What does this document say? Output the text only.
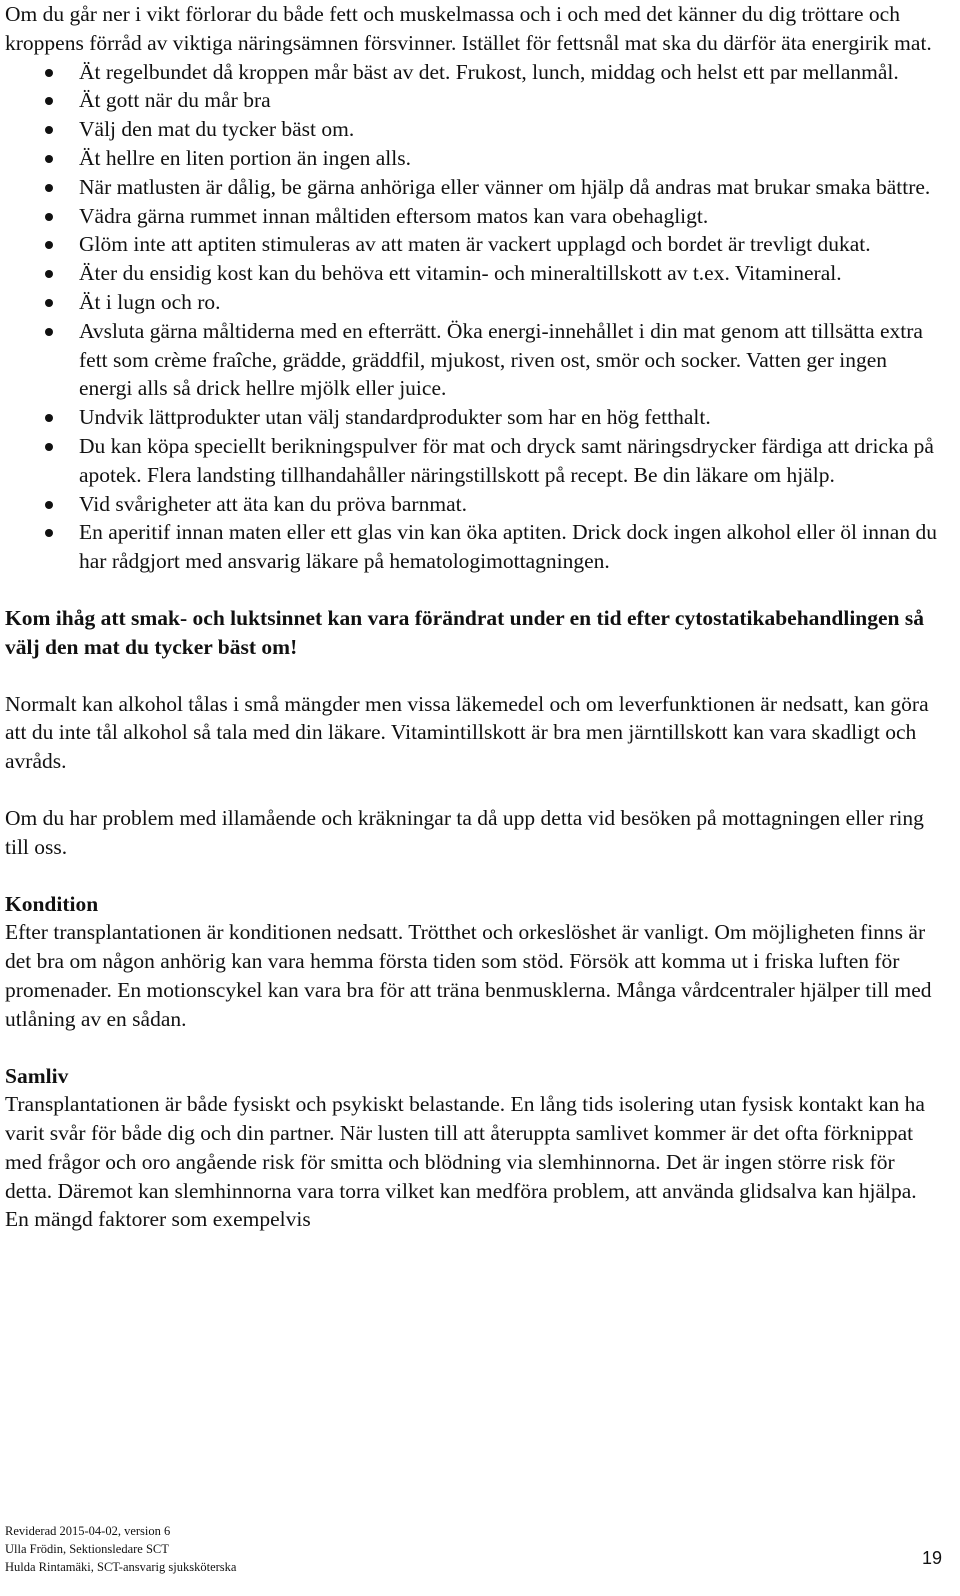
Om du går ner i vikt förlorar du både fett och muskelmassa och i och med det känner du dig tröttare och kroppens förråd av viktiga näringsämnen försvinner. Istället för fettsnål mat ska du därför äta energirik mat.

Ät regelbundet då kroppen mår bäst av det. Frukost, lunch, middag och helst ett par mellanmål.
Ät gott när du mår bra
Välj den mat du tycker bäst om.
Ät hellre en liten portion än ingen alls.
När matlusten är dålig, be gärna anhöriga eller vänner om hjälp då andras mat brukar smaka bättre.
Vädra gärna rummet innan måltiden eftersom matos kan vara obehagligt.
Glöm inte att aptiten stimuleras av att maten är vackert upplagd och bordet är trevligt dukat.
Äter du ensidig kost kan du behöva ett vitamin- och mineraltillskott av t.ex. Vitamineral.
Ät i lugn och ro.
Avsluta gärna måltiderna med en efterrätt. Öka energi-innehållet i din mat genom att tillsätta extra fett som crème fraîche, grädde, gräddfil, mjukost, riven ost, smör och socker. Vatten ger ingen energi alls så drick hellre mjölk eller juice.
Undvik lättprodukter utan välj standardprodukter som har en hög fetthalt.
Du kan köpa speciellt berikningspulver för mat och dryck samt näringsdrycker färdiga att dricka på apotek. Flera landsting tillhandahåller näringstillskott på recept. Be din läkare om hjälp.
Vid svårigheter att äta kan du pröva barnmat.
En aperitif innan maten eller ett glas vin kan öka aptiten. Drick dock ingen alkohol eller öl innan du har rådgjort med ansvarig läkare på hematologimottagningen.

Kom ihåg att smak- och luktsinnet kan vara förändrat under en tid efter cytostatikabehandlingen så välj den mat du tycker bäst om!

Normalt kan alkohol tålas i små mängder men vissa läkemedel och om leverfunktionen är nedsatt, kan göra att du inte tål alkohol så tala med din läkare. Vitamintillskott är bra men järntillskott kan vara skadligt och avråds.

Om du har problem med illamående och kräkningar ta då upp detta vid besöken på mottagningen eller ring till oss.

Kondition

Efter transplantationen är konditionen nedsatt. Trötthet och orkeslöshet är vanligt. Om möjligheten finns är det bra om någon anhörig kan vara hemma första tiden som stöd. Försök att komma ut i friska luften för promenader. En motionscykel kan vara bra för att träna benmusklerna. Många vårdcentraler hjälper till med utlåning av en sådan.

Samliv

Transplantationen är både fysiskt och psykiskt belastande. En lång tids isolering utan fysisk kontakt kan ha varit svår för både dig och din partner. När lusten till att återuppta samlivet kommer är det ofta förknippat med frågor och oro angående risk för smitta och blödning via slemhinnorna. Det är ingen större risk för detta. Däremot kan slemhinnorna vara torra vilket kan medföra problem, att använda glidsalva kan hjälpa. En mängd faktorer som exempelvis

Reviderad 2015-04-02, version 6
Ulla Frödin, Sektionsledare SCT
Hulda Rintamäki, SCT-ansvarig sjuksköterska	19
